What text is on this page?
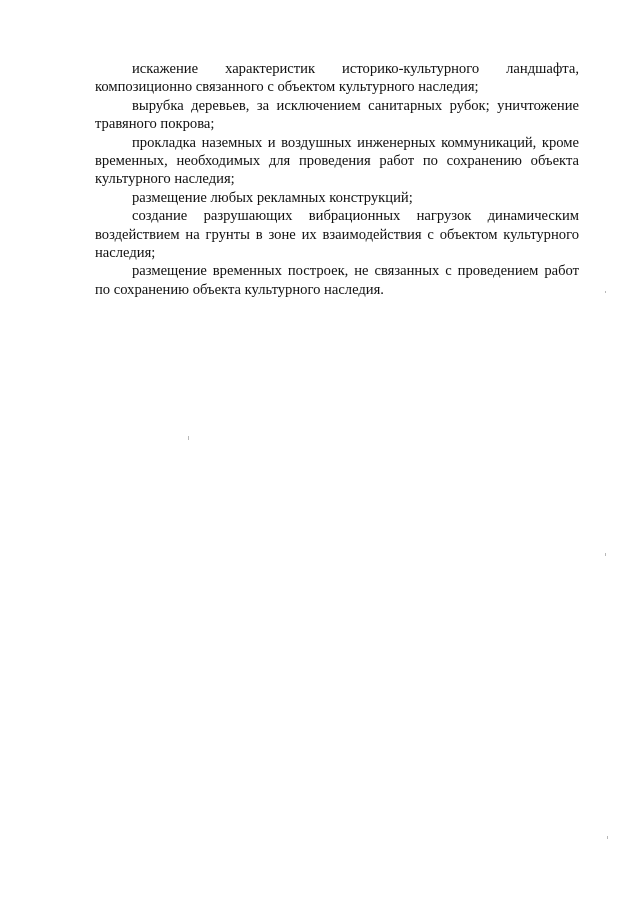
искажение характеристик историко-культурного ландшафта, композиционно связанного с объектом культурного наследия;

вырубка деревьев, за исключением санитарных рубок; уничтожение травяного покрова;

прокладка наземных и воздушных инженерных коммуникаций, кроме временных, необходимых для проведения работ по сохранению объекта культурного наследия;

размещение любых рекламных конструкций;

создание разрушающих вибрационных нагрузок динамическим воздействием на грунты в зоне их взаимодействия с объектом культурного наследия;

размещение временных построек, не связанных с проведением работ по сохранению объекта культурного наследия.
